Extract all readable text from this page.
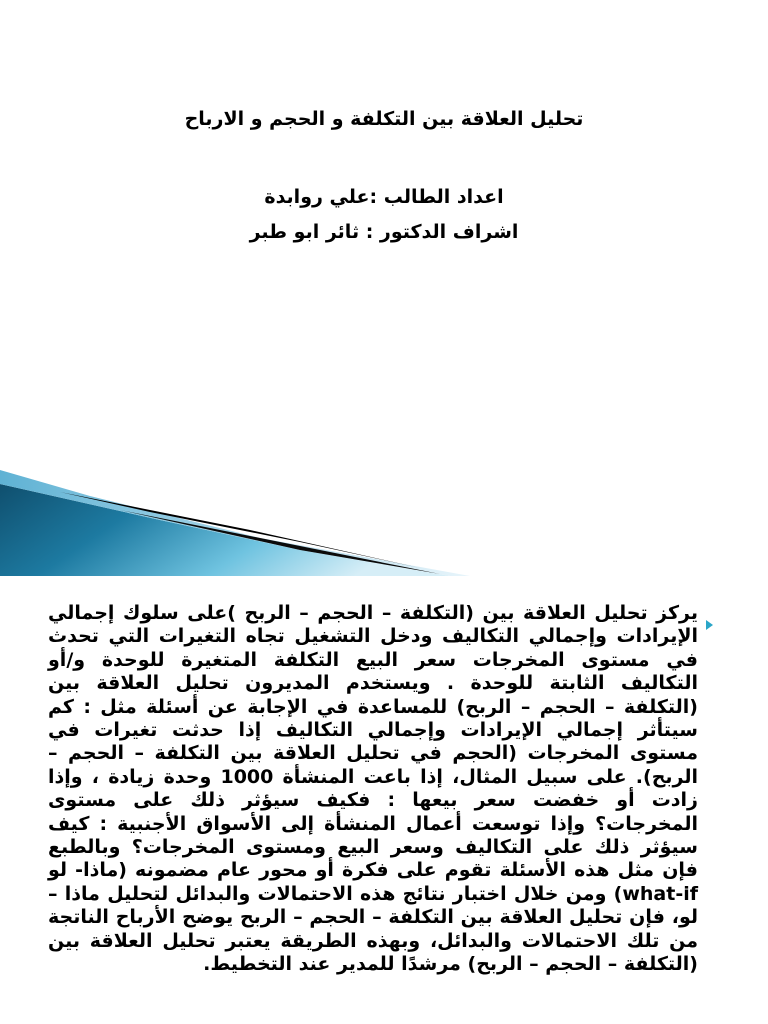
تحليل العلاقة بين التكلفة و الحجم و الارباح
اعداد الطالب :علي روابدة
اشراف الدكتور : ثائر ابو طبر
يركز تحليل العلاقة بين (التكلفة – الحجم – الربح )على سلوك إجمالي الإيرادات وإجمالي التكاليف ودخل التشغيل تجاه التغيرات التي تحدث في مستوى المخرجات سعر البيع التكلفة المتغيرة للوحدة و/أو التكاليف الثابتة للوحدة . ويستخدم المديرون تحليل العلاقة بين (التكلفة – الحجم – الربح) للمساعدة في الإجابة عن أسئلة مثل : كم سيتأثر إجمالي الإيرادات وإجمالي التكاليف إذا حدثت تغيرات في مستوى المخرجات (الحجم في تحليل العلاقة بين التكلفة – الحجم – الربح). على سبيل المثال، إذا باعت المنشأة 1000 وحدة زيادة ، وإذا زادت أو خفضت سعر بيعها : فكيف سيؤثر ذلك على مستوى المخرجات؟ وإذا توسعت أعمال المنشأة إلى الأسواق الأجنبية : كيف سيؤثر ذلك على التكاليف وسعر البيع ومستوى المخرجات؟ وبالطبع فإن مثل هذه الأسئلة تقوم على فكرة أو محور عام مضمونه (ماذا- لو what-if) ومن خلال اختبار نتائج هذه الاحتمالات والبدائل لتحليل ماذا – لو، فإن تحليل العلاقة بين التكلفة – الحجم – الربح يوضح الأرباح الناتجة من تلك الاحتمالات والبدائل، وبهذه الطريقة يعتبر تحليل العلاقة بين (التكلفة – الحجم – الربح) مرشدًا للمدير عند التخطيط.
